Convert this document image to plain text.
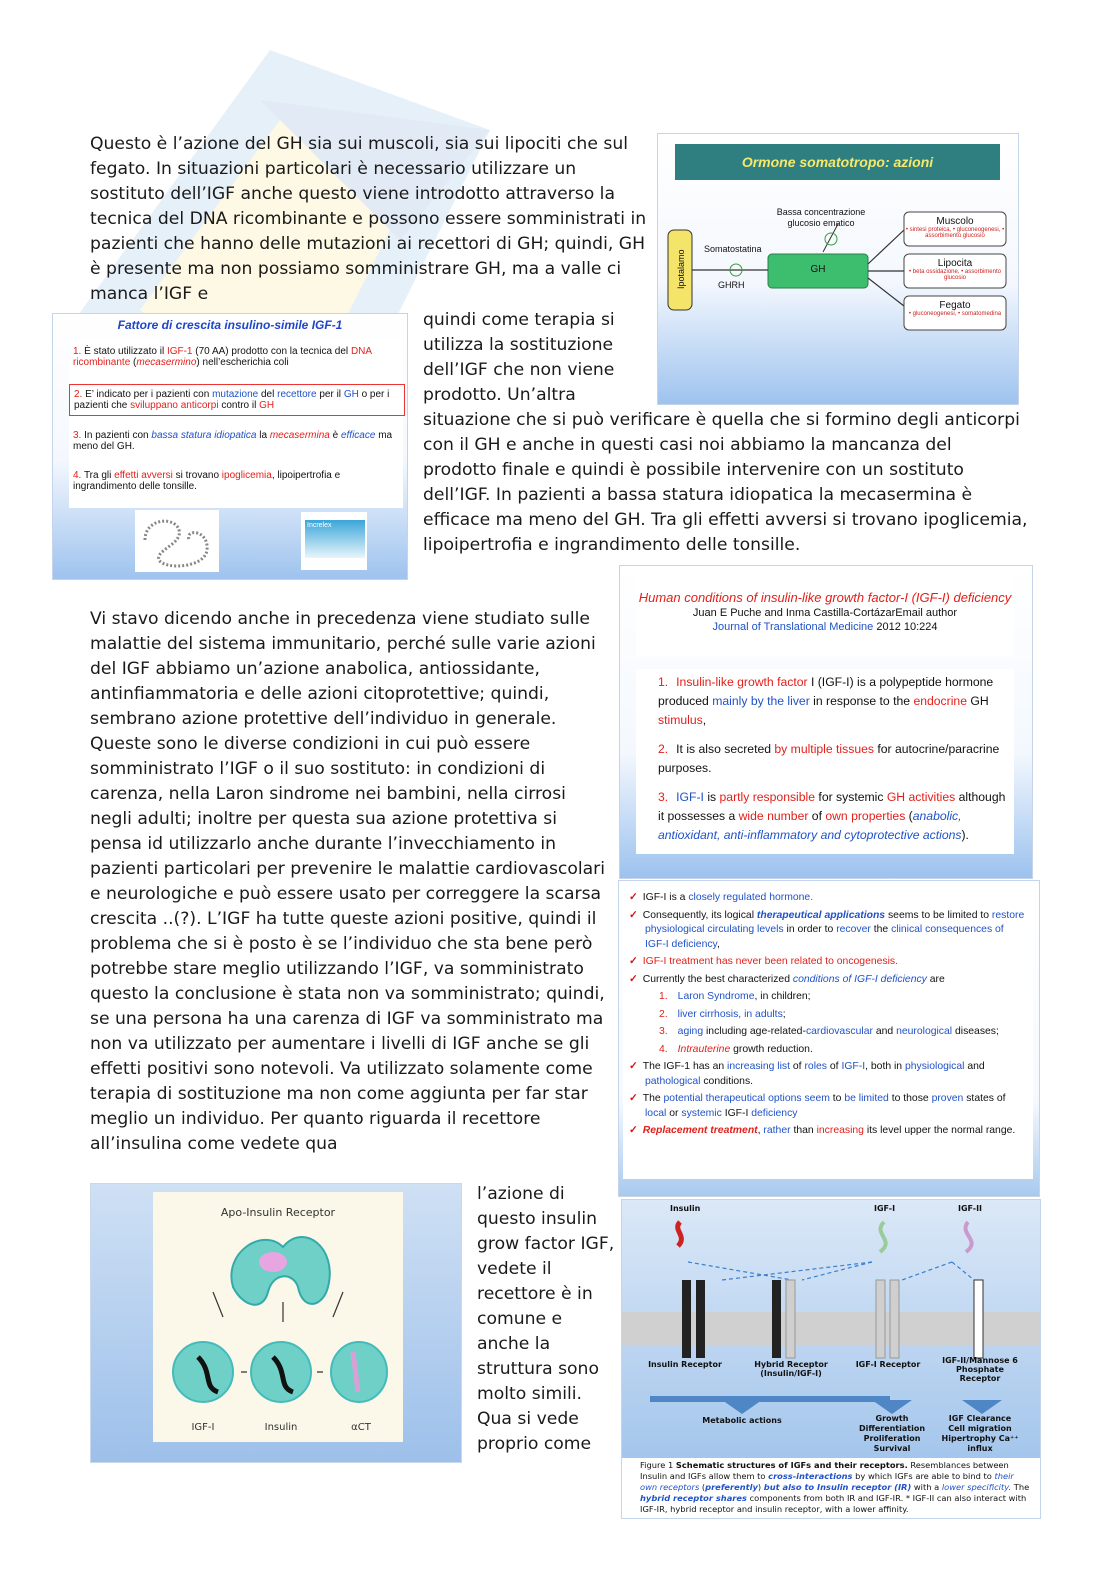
Questo è l’azione del GH sia sui muscoli, sia sui lipociti che sul fegato. In situazioni particolari è necessario utilizzare un sostituto dell’IGF anche questo viene introdotto attraverso la tecnica del DNA ricombinante e possono essere somministrati in pazienti che hanno delle mutazioni ai recettori di GH; quindi, GH è presente ma non possiamo somministrare GH, ma a valle ci manca l’IGF e

quindi come terapia si utilizza la sostituzione dell’IGF che non viene prodotto. Un’altra

situazione che si può verificare è quella che si formino degli anticorpi con il GH e anche in questi casi noi abbiamo la mancanza del prodotto finale e quindi è possibile intervenire con un sostituto dell’IGF. In pazienti a bassa statura idiopatica la mecasermina è efficace ma meno del GH. Tra gli effetti avversi si trovano ipoglicemia, lipoipertrofia e ingrandimento delle tonsille.

Vi stavo dicendo anche in precedenza viene studiato sulle malattie del sistema immunitario, perché sulle varie azioni del IGF abbiamo un’azione anabolica, antiossidante, antinfiammatoria e delle azioni citoprotettive; quindi, sembrano azione protettive dell’individuo in generale. Queste sono le diverse condizioni in cui può essere somministrato l’IGF o il suo sostituto: in condizioni di carenza, nella Laron sindrome nei bambini, nella cirrosi negli adulti; inoltre per questa sua azione protettiva si pensa id utilizzarlo anche durante l’invecchiamento in pazienti particolari per prevenire le malattie cardiovascolari e neurologiche e può essere usato per correggere la scarsa crescita ..(?). L’IGF ha tutte queste azioni positive, quindi il problema che si è posto è se l’individuo che sta bene però potrebbe stare meglio utilizzando l’IGF, va somministrato questo la conclusione è stata non va somministrato; quindi, se una persona ha una carenza di IGF va somministrato ma non va utilizzato per aumentare i livelli di IGF anche se gli effetti positivi sono notevoli. Va utilizzato solamente come terapia di sostituzione ma non come aggiunta per far star meglio un individuo. Per quanto riguarda il recettore all’insulina come vedete qua

l’azione di questo insulin grow factor IGF, vedete il recettore è in comune e anche la struttura sono molto simili. Qua si vede proprio come

Ormone somatotropo: azioni
Ipotalamo
Somatostatina
GHRH
Bassa concentrazione glucosio ematico
GH
Muscolo
• sintesi proteica, • gluconeogenesi, • assorbimento glucosio
Lipocita
• beta ossidazione, • assorbimento glucosio
Fegato
• gluconeogenesi, • somatomedina
Fattore di crescita insulino-simile IGF-1
1. È stato utilizzato il IGF-1 (70 AA) prodotto con la tecnica del DNA ricombinante (mecasermino) nell’escherichia coli
2. E’ indicato per i pazienti con mutazione del recettore per il GH o per i pazienti che sviluppano anticorpi contro il GH
3. In pazienti con bassa statura idiopatica la mecasermina è efficace ma meno del GH.
4. Tra gli effetti avversi si trovano ipoglicemia, lipoipertrofia e ingrandimento delle tonsille.
Increlex
Human conditions of insulin-like growth factor-I (IGF-I) deficiency
Juan E Puche and Inma Castilla-CortázarEmail author
Journal of Translational Medicine 2012 10:224
1. Insulin-like growth factor I (IGF-I) is a polypeptide hormone produced mainly by the liver in response to the endocrine GH stimulus,
2. It is also secreted by multiple tissues for autocrine/paracrine purposes.
3. IGF-I is partly responsible for systemic GH activities although it possesses a wide number of own properties (anabolic, antioxidant, anti-inflammatory and cytoprotective actions).
✓ IGF-I is a closely regulated hormone.
✓ Consequently, its logical therapeutical applications seems to be limited to restore physiological circulating levels in order to recover the clinical consequences of IGF-I deficiency,
✓ IGF-I treatment has never been related to oncogenesis.
✓ Currently the best characterized conditions of IGF-I deficiency are
1. Laron Syndrome, in children;
2. liver cirrhosis, in adults;
3. aging including age-related-cardiovascular and neurological diseases;
4. Intrauterine growth reduction.
✓ The IGF-1 has an increasing list of roles of IGF-I, both in physiological and pathological conditions.
✓ The potential therapeutical options seem to be limited to those proven states of local or systemic IGF-I deficiency
✓ Replacement treatment, rather than increasing its level upper the normal range.
Apo-Insulin Receptor
IGF-I	Insulin	αCT
Insulin	IGF-I	IGF-II
Insulin Receptor	Hybrid Receptor (Insulin/IGF-I)
IGF-I Receptor	IGF-II/Mannose 6 Phosphate Receptor
Metabolic actions	Growth Differentiation Proliferation Survival
IGF Clearance Cell migration Hipertrophy Ca⁺⁺ influx
Figure 1 Schematic structures of IGFs and their receptors. Resemblances between Insulin and IGFs allow them to cross-interactions by which IGFs are able to bind to their own receptors (preferently) but also to Insulin receptor (IR) with a lower specificity. The hybrid receptor shares components from both IR and IGF-IR. * IGF-II can also interact with IGF-IR, hybrid receptor and insulin receptor, with a lower affinity.
